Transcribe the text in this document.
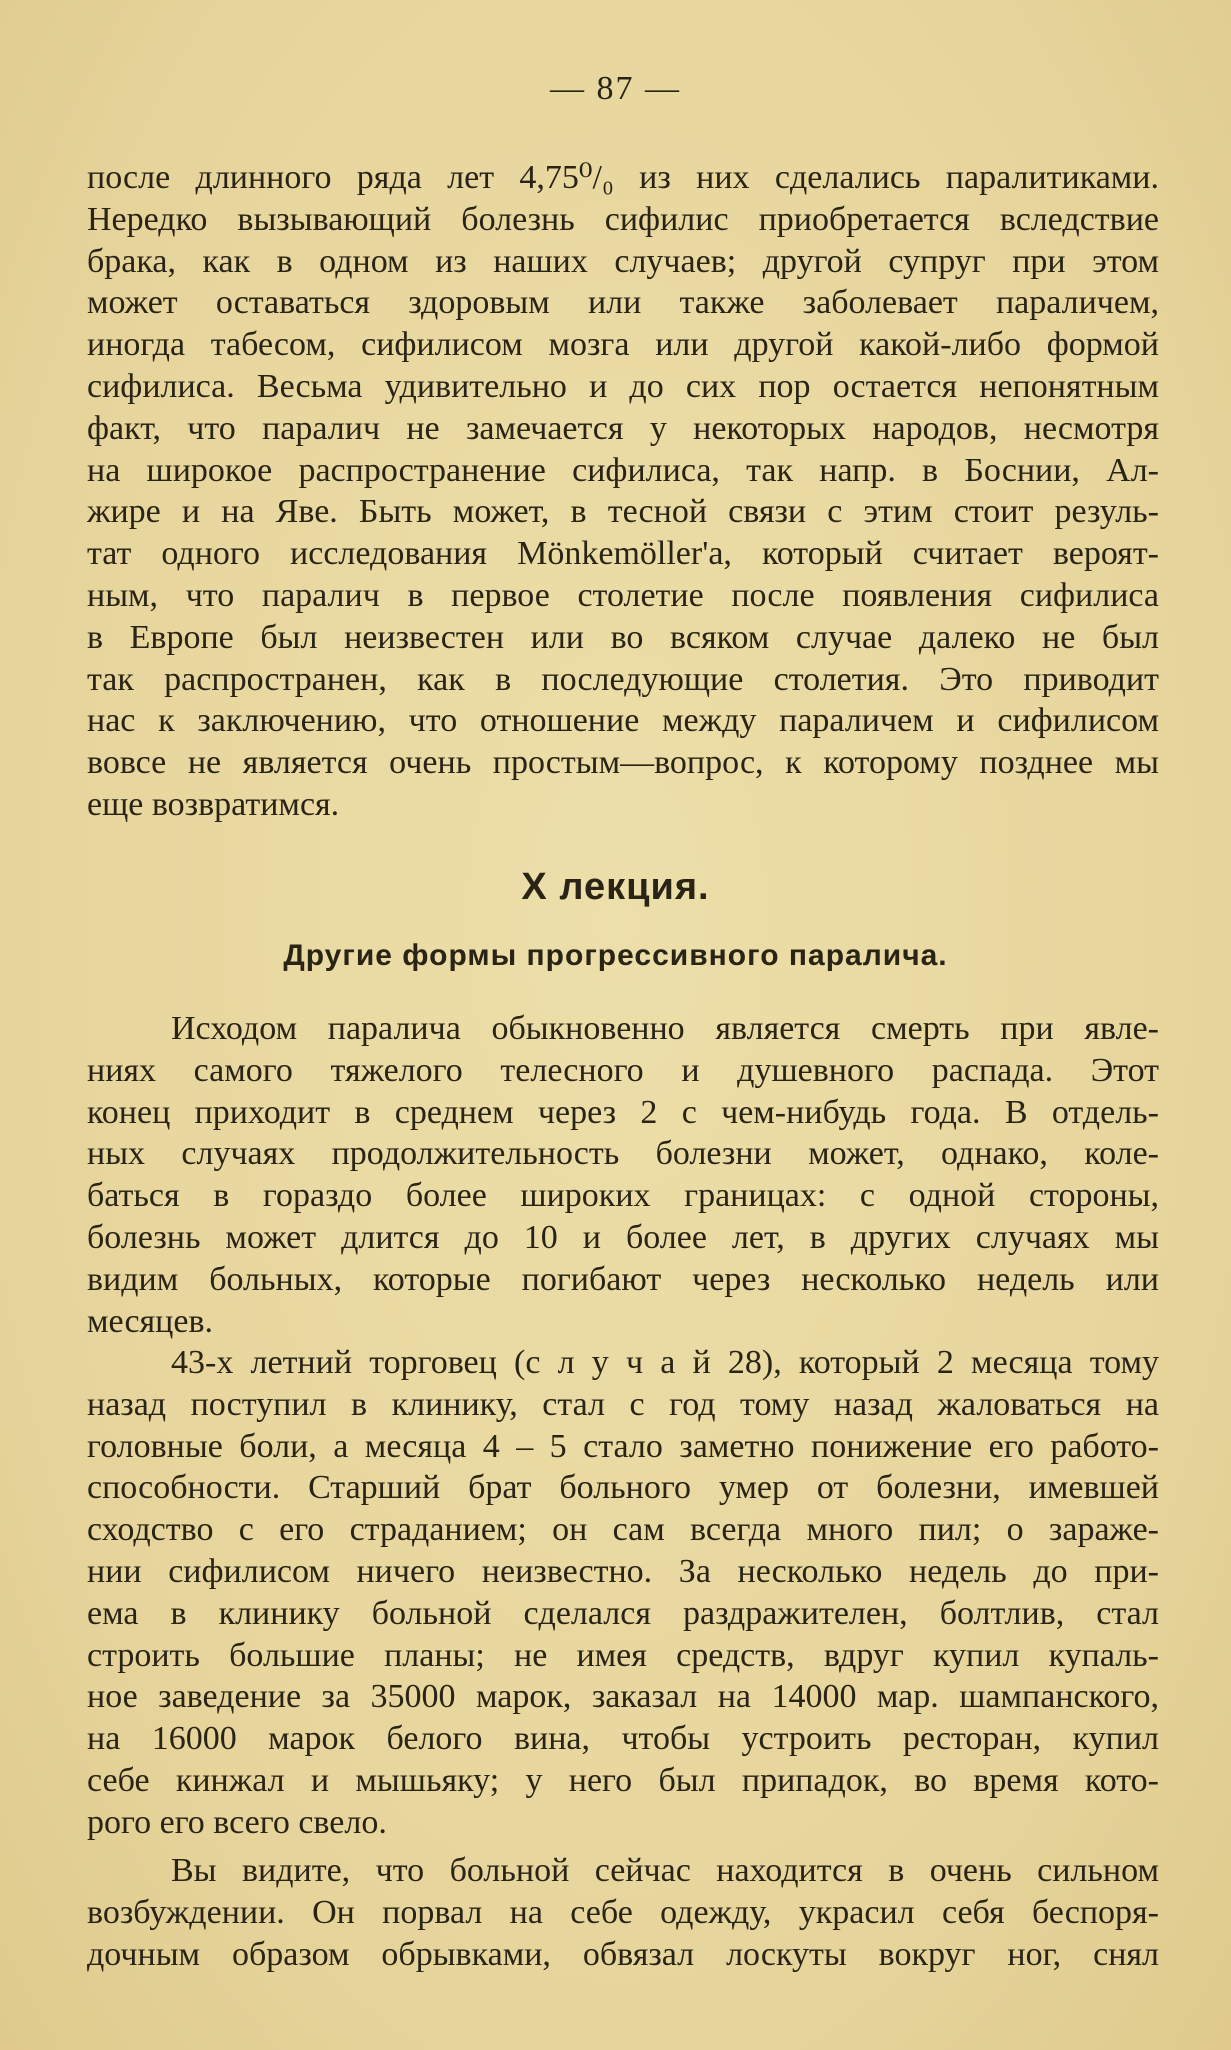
— 87 —
после длинного ряда лет 4,75⁰/₀ из них сделались паралитиками.
Нередко вызывающий болезнь сифилис приобретается вследствие
брака, как в одном из наших случаев; другой супруг при этом
может оставаться здоровым или также заболевает параличем,
иногда табесом, сифилисом мозга или другой какой-либо формой
сифилиса. Весьма удивительно и до сих пор остается непонятным
факт, что паралич не замечается у некоторых народов, несмотря
на широкое распространение сифилиса, так напр. в Боснии, Ал-
жире и на Яве. Быть может, в тесной связи с этим стоит резуль-
тат одного исследования Mönkemöller'a, который считает вероят-
ным, что паралич в первое столетие после появления сифилиса
в Европе был неизвестен или во всяком случае далеко не был
так распространен, как в последующие столетия. Это приводит
нас к заключению, что отношение между параличем и сифилисом
вовсе не является очень простым—вопрос, к которому позднее мы
еще возвратимся.
X лекция.
Другие формы прогрессивного паралича.
Исходом паралича обыкновенно является смерть при явле-
ниях самого тяжелого телесного и душевного распада. Этот
конец приходит в среднем через 2 с чем-нибудь года. В отдель-
ных случаях продолжительность болезни может, однако, коле-
баться в гораздо более широких границах: с одной стороны,
болезнь может длится до 10 и более лет, в других случаях мы
видим больных, которые погибают через несколько недель или
месяцев.
43-х летний торговец (с л у ч а й 28), который 2 месяца тому
назад поступил в клинику, стал с год тому назад жаловаться на
головные боли, а месяца 4 – 5 стало заметно понижение его работо-
способности. Старший брат больного умер от болезни, имевшей
сходство с его страданием; он сам всегда много пил; о зараже-
нии сифилисом ничего неизвестно. За несколько недель до при-
ема в клинику больной сделался раздражителен, болтлив, стал
строить большие планы; не имея средств, вдруг купил купаль-
ное заведение за 35000 марок, заказал на 14000 мар. шампанского,
на 16000 марок белого вина, чтобы устроить ресторан, купил
себе кинжал и мышьяку; у него был припадок, во время кото-
рого его всего свело.
Вы видите, что больной сейчас находится в очень сильном
возбуждении. Он порвал на себе одежду, украсил себя беспоря-
дочным образом обрывками, обвязал лоскуты вокруг ног, снял
